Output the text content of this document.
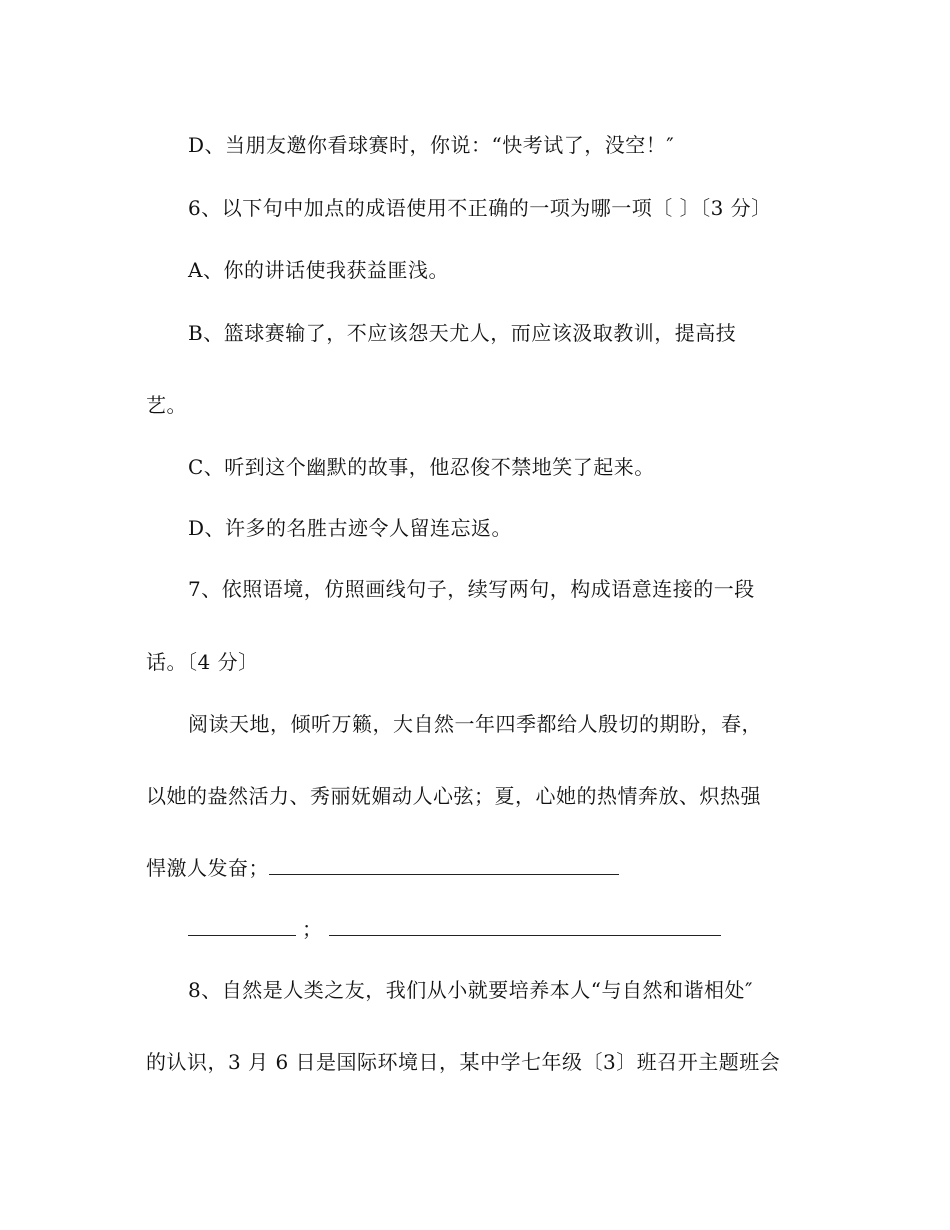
D、当朋友邀你看球赛时，你说：“快考试了，没空！″
6、以下句中加点的成语使用不正确的一项为哪一项〔 〕〔3 分〕
A、你的讲话使我获益匪浅。
B、篮球赛输了，不应该怨天尤人，而应该汲取教训，提高技
艺。
C、听到这个幽默的故事，他忍俊不禁地笑了起来。
D、许多的名胜古迹令人留连忘返。
7、依照语境，仿照画线句子，续写两句，构成语意连接的一段
话。〔4 分〕
阅读天地，倾听万籁，大自然一年四季都给人殷切的期盼，春，
以她的盎然活力、秀丽妩媚动人心弦；夏，心她的热情奔放、炽热强
悍激人发奋；
；
8、自然是人类之友，我们从小就要培养本人“与自然和谐相处″
的认识，3 月 6 日是国际环境日，某中学七年级〔3〕班召开主题班会
